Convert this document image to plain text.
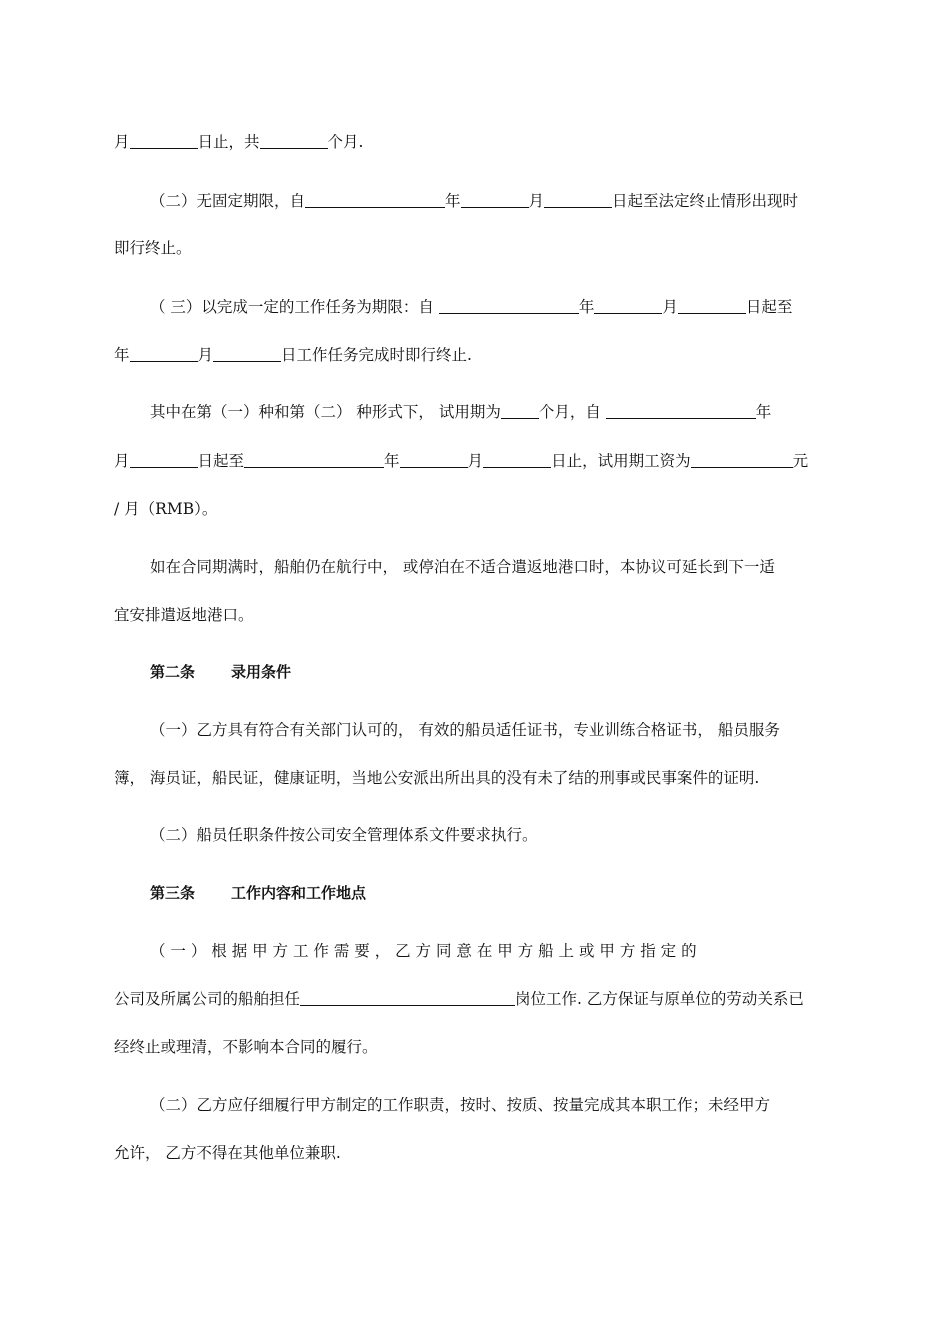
月	日止，共	个月.
（二）无固定期限，自	年	月	日起至法定终止情形出现时
即行终止。
（ 三）以完成一定的工作任务为期限：自	年	月	日起至
年	月	日工作任务完成时即行终止.
其中在第（一）种和第（二） 种形式下， 试用期为 个月，自	年
月	日起至	年	月	日止，试用期工资为	元
/ 月（RMB）。
如在合同期满时，船舶仍在航行中， 或停泊在不适合遣返地港口时，本协议可延长到下一适
宜安排遣返地港口。
第二条 录用条件
（一）乙方具有符合有关部门认可的， 有效的船员适任证书，专业训练合格证书， 船员服务
簿， 海员证，船民证，健康证明，当地公安派出所出具的没有未了结的刑事或民事案件的证明.
（二）船员任职条件按公司安全管理体系文件要求执行。
第三条 工作内容和工作地点
（ 一 ） 根 据 甲 方 工 作 需 要 ， 乙 方 同 意 在 甲 方 船 上 或 甲 方 指 定 的
公司及所属公司的船舶担任	岗位工作. 乙方保证与原单位的劳动关系已
经终止或理清，不影响本合同的履行。
（二）乙方应仔细履行甲方制定的工作职责，按时、按质、按量完成其本职工作；未经甲方
允许， 乙方不得在其他单位兼职.
